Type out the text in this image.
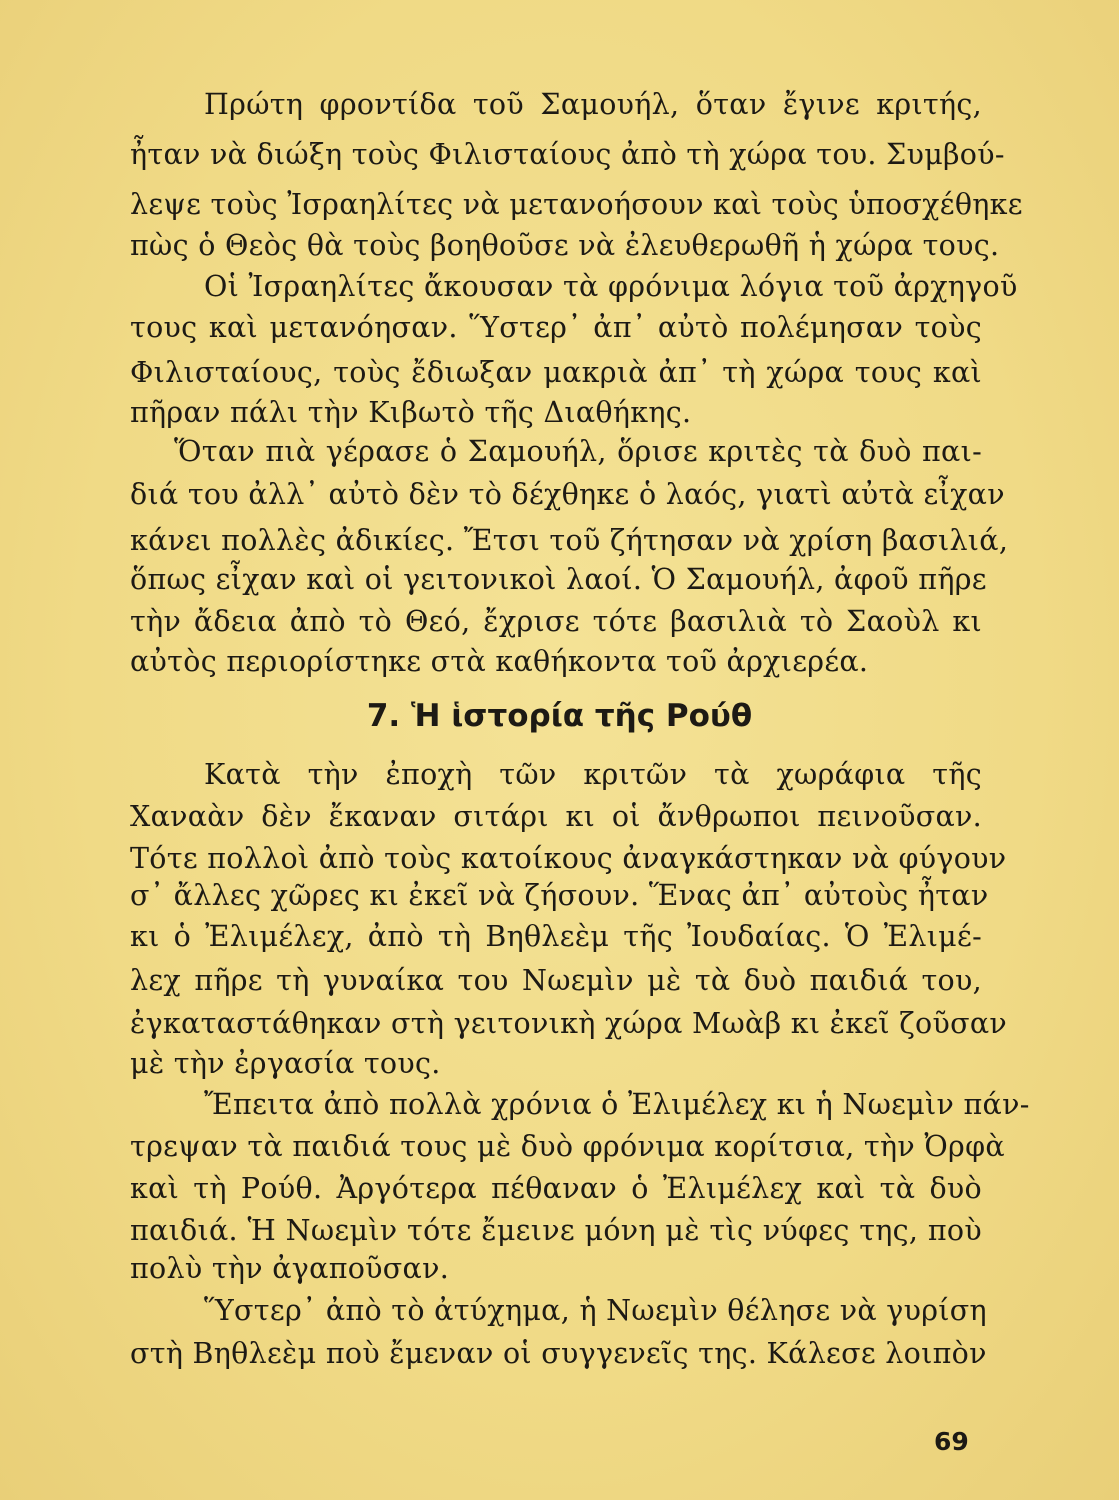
Πρώτη φροντίδα τοῦ Σαμουήλ, ὅταν ἔγινε κριτής,
ἦταν νὰ διώξη τοὺς Φιλισταίους ἀπὸ τὴ χώρα του. Συμβού-
λεψε τοὺς Ἰσραηλίτες νὰ μετανοήσουν καὶ τοὺς ὑποσχέθηκε
πὼς ὁ Θεὸς θὰ τοὺς βοηθοῦσε νὰ ἐλευθερωθῆ ἡ χώρα τους.
Οἱ Ἰσραηλίτες ἄκουσαν τὰ φρόνιμα λόγια τοῦ ἀρχηγοῦ
τους καὶ μετανόησαν. Ὕστερ᾽ ἀπ᾽ αὐτὸ πολέμησαν τοὺς
Φιλισταίους, τοὺς ἔδιωξαν μακριὰ ἀπ᾽ τὴ χώρα τους καὶ
πῆραν πάλι τὴν Κιβωτὸ τῆς Διαθήκης.
Ὅταν πιὰ γέρασε ὁ Σαμουήλ, ὅρισε κριτὲς τὰ δυὸ παι-
διά του ἀλλ᾽ αὐτὸ δὲν τὸ δέχθηκε ὁ λαός, γιατὶ αὐτὰ εἶχαν
κάνει πολλὲς ἀδικίες. Ἔτσι τοῦ ζήτησαν νὰ χρίση βασιλιά,
ὅπως εἶχαν καὶ οἱ γειτονικοὶ λαοί. Ὁ Σαμουήλ, ἀφοῦ πῆρε
τὴν ἄδεια ἀπὸ τὸ Θεό, ἔχρισε τότε βασιλιὰ τὸ Σαοὺλ κι
αὐτὸς περιορίστηκε στὰ καθήκοντα τοῦ ἀρχιερέα.
Κατὰ τὴν ἐποχὴ τῶν κριτῶν τὰ χωράφια τῆς
Χαναὰν δὲν ἔκαναν σιτάρι κι οἱ ἄνθρωποι πεινοῦσαν.
Τότε πολλοὶ ἀπὸ τοὺς κατοίκους ἀναγκάστηκαν νὰ φύγουν
σ᾽ ἄλλες χῶρες κι ἐκεῖ νὰ ζήσουν. Ἕνας ἀπ᾽ αὐτοὺς ἦταν
κι ὁ Ἐλιμέλεχ, ἀπὸ τὴ Βηθλεὲμ τῆς Ἰουδαίας. Ὁ Ἐλιμέ-
λεχ πῆρε τὴ γυναίκα του Νωεμὶν μὲ τὰ δυὸ παιδιά του,
ἐγκαταστάθηκαν στὴ γειτονικὴ χώρα Μωὰβ κι ἐκεῖ ζοῦσαν
μὲ τὴν ἐργασία τους.
Ἔπειτα ἀπὸ πολλὰ χρόνια ὁ Ἐλιμέλεχ κι ἡ Νωεμὶν πάν-
τρεψαν τὰ παιδιά τους μὲ δυὸ φρόνιμα κορίτσια, τὴν Ὀρφὰ
καὶ τὴ Ρούθ. Ἀργότερα πέθαναν ὁ Ἐλιμέλεχ καὶ τὰ δυὸ
παιδιά. Ἡ Νωεμὶν τότε ἔμεινε μόνη μὲ τὶς νύφες της, ποὺ
πολὺ τὴν ἀγαποῦσαν.
Ὕστερ᾽ ἀπὸ τὸ ἀτύχημα, ἡ Νωεμὶν θέλησε νὰ γυρίση
στὴ Βηθλεὲμ ποὺ ἔμεναν οἱ συγγενεῖς της. Κάλεσε λοιπὸν
7. Ἡ ἱστορία τῆς Ρούθ
69
